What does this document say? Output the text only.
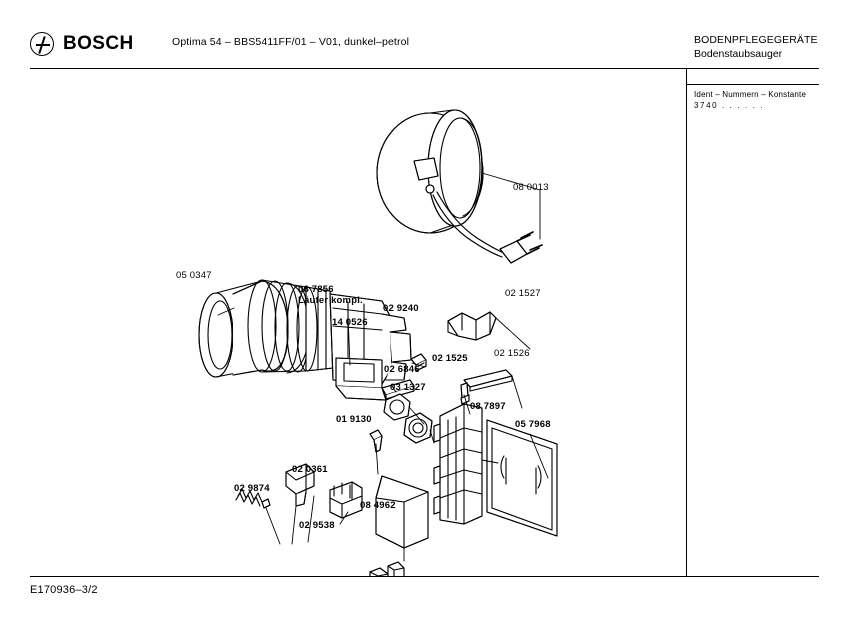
BOSCH	Optima 54 – BBS5411FF/01 – V01, dunkel–petrol	BODENPFLEGEGERÄTE
Bodenstaubsauger
Ident – Nummern – Konstante
3740 . . . . . .
E170936–3/2
08 0013
05 0347
08 7856
Läufer kompl.
02 9240
14 0526
02 1527
02 1526
02 1525
02 6846
03 1327
08 7897
05 7968
01 9130
02 0361
02 9874
08 4962
02 9538
